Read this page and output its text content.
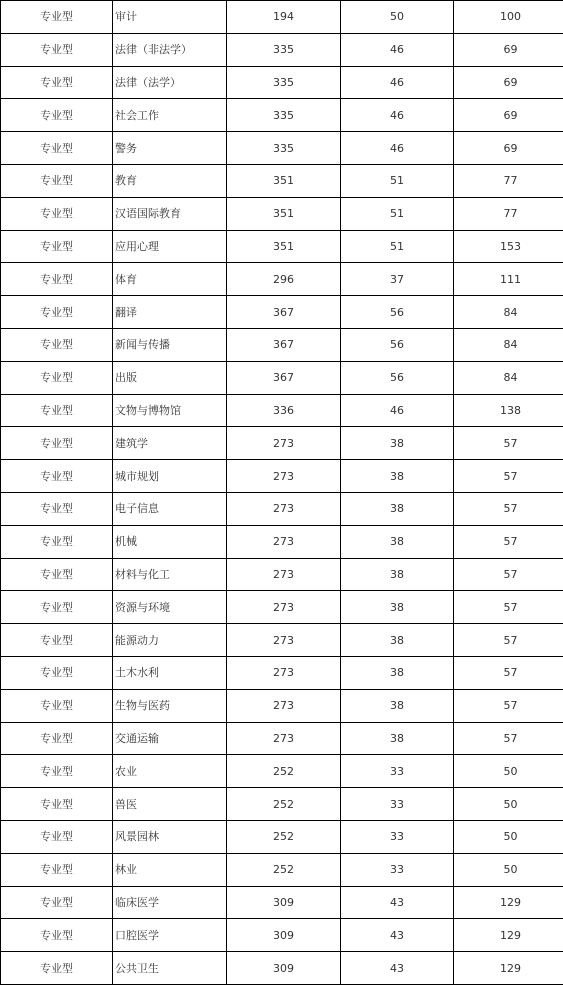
专业型	审计	194	50	100
专业型	法律（非法学）	335	46	69
专业型	法律（法学）	335	46	69
专业型	社会工作	335	46	69
专业型	警务	335	46	69
专业型	教育	351	51	77
专业型	汉语国际教育	351	51	77
专业型	应用心理	351	51	153
专业型	体育	296	37	111
专业型	翻译	367	56	84
专业型	新闻与传播	367	56	84
专业型	出版	367	56	84
专业型	文物与博物馆	336	46	138
专业型	建筑学	273	38	57
专业型	城市规划	273	38	57
专业型	电子信息	273	38	57
专业型	机械	273	38	57
专业型	材料与化工	273	38	57
专业型	资源与环境	273	38	57
专业型	能源动力	273	38	57
专业型	土木水利	273	38	57
专业型	生物与医药	273	38	57
专业型	交通运输	273	38	57
专业型	农业	252	33	50
专业型	兽医	252	33	50
专业型	风景园林	252	33	50
专业型	林业	252	33	50
专业型	临床医学	309	43	129
专业型	口腔医学	309	43	129
专业型	公共卫生	309	43	129
